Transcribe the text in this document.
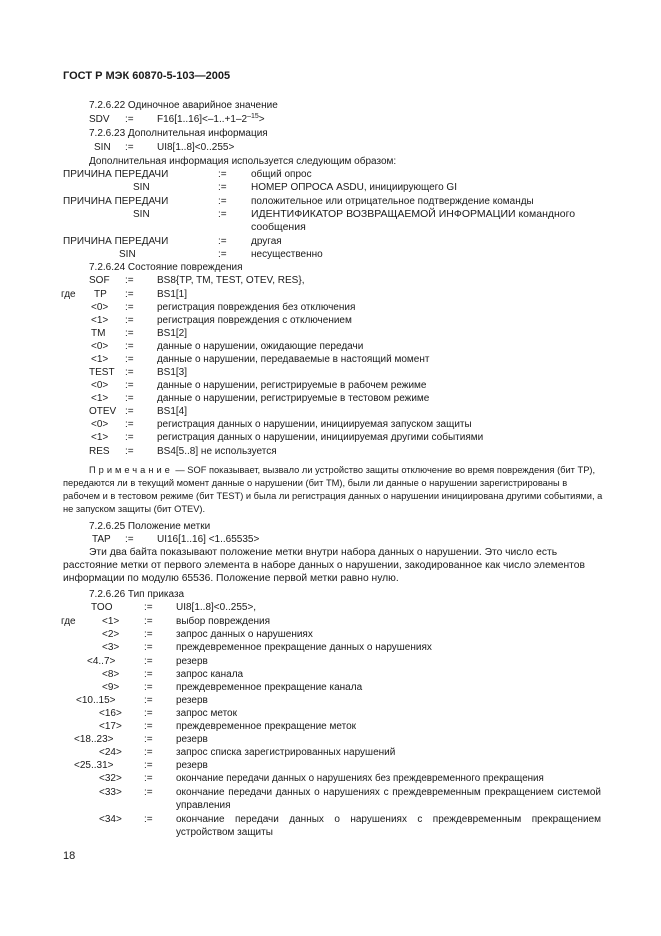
ГОСТ Р МЭК 60870-5-103—2005
7.2.6.22 Одиночное аварийное значение
SDV := $F16[1..16]<-1..+1-2^{-15}>$
7.2.6.23 Дополнительная информация
SIN := UI8[1..8]<0..255>
Дополнительная информация используется следующим образом:
ПРИЧИНА ПЕРЕДАЧИ	:= общий опрос
SIN	:= НОМЕР ОПРОСА ASDU, инициирующего GI
ПРИЧИНА ПЕРЕДАЧИ	:= положительное или отрицательное подтверждение команды
SIN	:= ИДЕНТИФИКАТОР ВОЗВРАЩАЕМОЙ ИНФОРМАЦИИ командного сообщения
ПРИЧИНА ПЕРЕДАЧИ	:= другая
SIN	:= несущественно
7.2.6.24 Состояние повреждения
где
SOF := BS8{TP, TM, TEST, OTEV, RES},
TP := BS1[1]
<0> := регистрация повреждения без отключения
<1> := регистрация повреждения с отключением
TM := BS1[2]
<0> := данные о нарушении, ожидающие передачи
<1> := данные о нарушении, передаваемые в настоящий момент
TEST := BS1[3]
<0> := данные о нарушении, регистрируемые в рабочем режиме
<1> := данные о нарушении, регистрируемые в тестовом режиме
OTEV := BS1[4]
<0> := регистрация данных о нарушении, инициируемая запуском защиты
<1> := регистрация данных о нарушении, инициируемая другими событиями
RES := BS4[5..8] не используется
Примечание — SOF показывает, вызвало ли устройство защиты отключение во время повреждения (бит TP), передаются ли в текущий момент данные о нарушении (бит TM), были ли данные о нарушении зарегистрированы в рабочем и в тестовом режиме (бит TEST) и была ли регистрация данных о нарушении инициирована другими событиями, а не запуском защиты (бит OTEV).
7.2.6.25 Положение метки
TAP := UI16[1..16] <1..65535>
Эти два байта показывают положение метки внутри набора данных о нарушении. Это число есть расстояние метки от первого элемента в наборе данных о нарушении, закодированное как число элементов информации по модулю 65536. Положение первой метки равно нулю.
7.2.6.26 Тип приказа
TOO	:= UI8[1..8]<0..255>,
где	<1> := выбор повреждения
<2> := запрос данных о нарушениях
<3> := преждевременное прекращение данных о нарушениях
<4..7>	:= резерв
<8> := запрос канала
<9> := преждевременное прекращение канала
<10..15>	:= резерв
<16> := запрос меток
<17> := преждевременное прекращение меток
<18..23>	:= резерв
<24> := запрос списка зарегистрированных нарушений
<25..31>	:= резерв
<32> := окончание передачи данных о нарушениях без преждевременного прекращения
<33> := окончание передачи данных о нарушениях с преждевременным прекращением системой управления
<34> := окончание передачи данных о нарушениях с преждевременным прекращением устройством защиты
18
